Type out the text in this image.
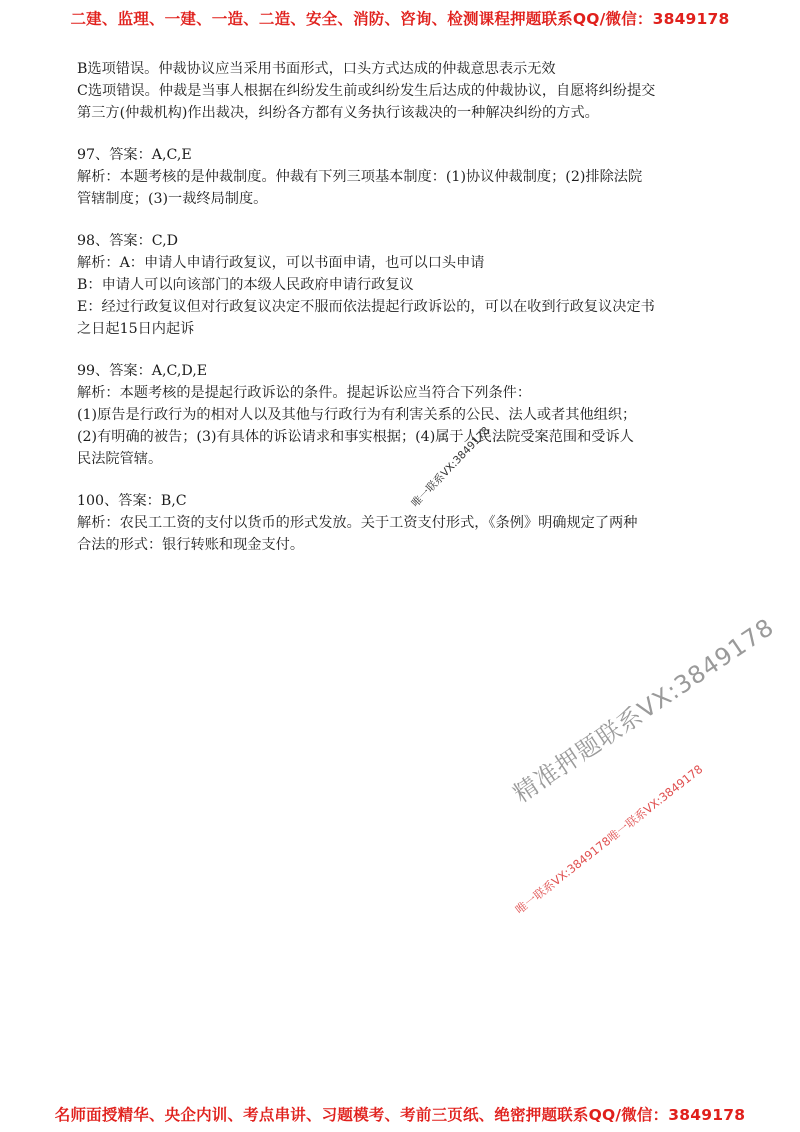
二建、监理、一建、一造、二造、安全、消防、咨询、检测课程押题联系QQ/微信：3849178
B选项错误。仲裁协议应当采用书面形式，口头方式达成的仲裁意思表示无效
C选项错误。仲裁是当事人根据在纠纷发生前或纠纷发生后达成的仲裁协议，自愿将纠纷提交
第三方(仲裁机构)作出裁决，纠纷各方都有义务执行该裁决的一种解决纠纷的方式。
97、答案：A,C,E
解析：本题考核的是仲裁制度。仲裁有下列三项基本制度：(1)协议仲裁制度；(2)排除法院
管辖制度；(3)一裁终局制度。
98、答案：C,D
解析：A：申请人申请行政复议，可以书面申请，也可以口头申请
B：申请人可以向该部门的本级人民政府申请行政复议
E：经过行政复议但对行政复议决定不服而依法提起行政诉讼的，可以在收到行政复议决定书
之日起15日内起诉
99、答案：A,C,D,E
解析：本题考核的是提起行政诉讼的条件。提起诉讼应当符合下列条件：
(1)原告是行政行为的相对人以及其他与行政行为有利害关系的公民、法人或者其他组织；
(2)有明确的被告；(3)有具体的诉讼请求和事实根据；(4)属于人民法院受案范围和受诉人
民法院管辖。
100、答案：B,C
解析：农民工工资的支付以货币的形式发放。关于工资支付形式，《条例》明确规定了两种
合法的形式：银行转账和现金支付。
唯一联系VX:3849178
精准押题联系VX:3849178
唯一联系VX:3849178唯一联系VX:3849178
名师面授精华、央企内训、考点串讲、习题模考、考前三页纸、绝密押题联系QQ/微信：3849178
